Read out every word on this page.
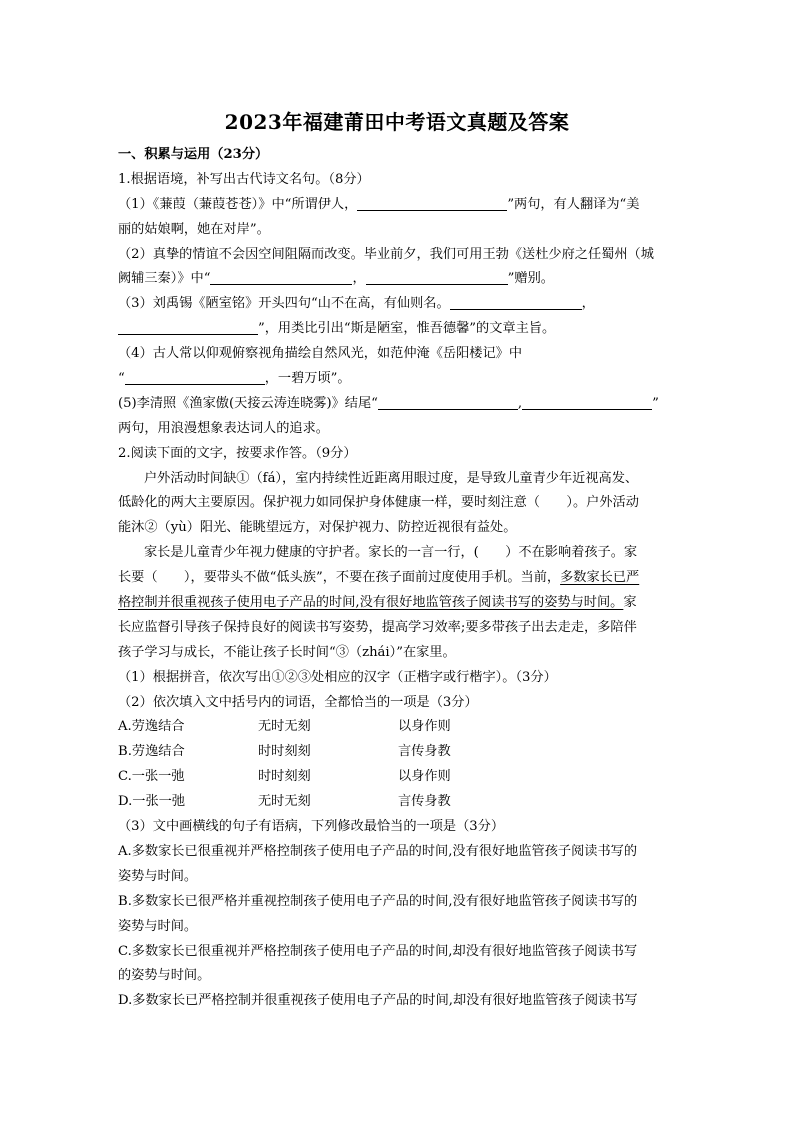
2023年福建莆田中考语文真题及答案
一、积累与运用（23分）
1.根据语境，补写出古代诗文名句。（8分）
（1）《蒹葭（蒹葭苍苍）》中“所谓伊人，	”两句，有人翻译为“美
丽的姑娘啊，她在对岸”。
（2）真挚的情谊不会因空间阻隔而改变。毕业前夕，我们可用王勃《送杜少府之任蜀州（城
阙辅三秦）》中“	，	”赠别。
（3）刘禹锡《陋室铭》开头四句“山不在高，有仙则名。	，
”，用类比引出“斯是陋室，惟吾德馨”的文章主旨。
（4）古人常以仰观俯察视角描绘自然风光，如范仲淹《岳阳楼记》中
“	，一碧万顷”。
(5)李清照《渔家傲(天接云涛连晓雾)》结尾“	,	”
两句，用浪漫想象表达词人的追求。
2.阅读下面的文字，按要求作答。（9分）
户外活动时间缺①（fá），室内持续性近距离用眼过度，是导致儿童青少年近视高发、
低龄化的两大主要原因。保护视力如同保护身体健康一样，要时刻注意（　　）。户外活动
能沐②（yù）阳光、能眺望远方，对保护视力、防控近视很有益处。
家长是儿童青少年视力健康的守护者。家长的一言一行，(　　）不在影响着孩子。家
长要（　　），要带头不做“低头族”，不要在孩子面前过度使用手机。当前，多数家长已严
格控制并很重视孩子使用电子产品的时间,没有很好地监管孩子阅读书写的姿势与时间。家
长应监督引导孩子保持良好的阅读书写姿势，提高学习效率;要多带孩子出去走走，多陪伴
孩子学习与成长，不能让孩子长时间“③（zhái）”在家里。
（1）根据拼音，依次写出①②③处相应的汉字（正楷字或行楷字）。（3分）
（2）依次填入文中括号内的词语，全都恰当的一项是（3分）
A.劳逸结合	无时无刻	以身作则
B.劳逸结合	时时刻刻	言传身教
C.一张一弛	时时刻刻	以身作则
D.一张一弛	无时无刻	言传身教
（3）文中画横线的句子有语病，下列修改最恰当的一项是（3分）
A.多数家长已很重视并严格控制孩子使用电子产品的时间,没有很好地监管孩子阅读书写的
姿势与时间。
B.多数家长已很严格并重视控制孩子使用电子产品的时间,没有很好地监管孩子阅读书写的
姿势与时间。
C.多数家长已很重视并严格控制孩子使用电子产品的时间,却没有很好地监管孩子阅读书写
的姿势与时间。
D.多数家长已严格控制并很重视孩子使用电子产品的时间,却没有很好地监管孩子阅读书写
